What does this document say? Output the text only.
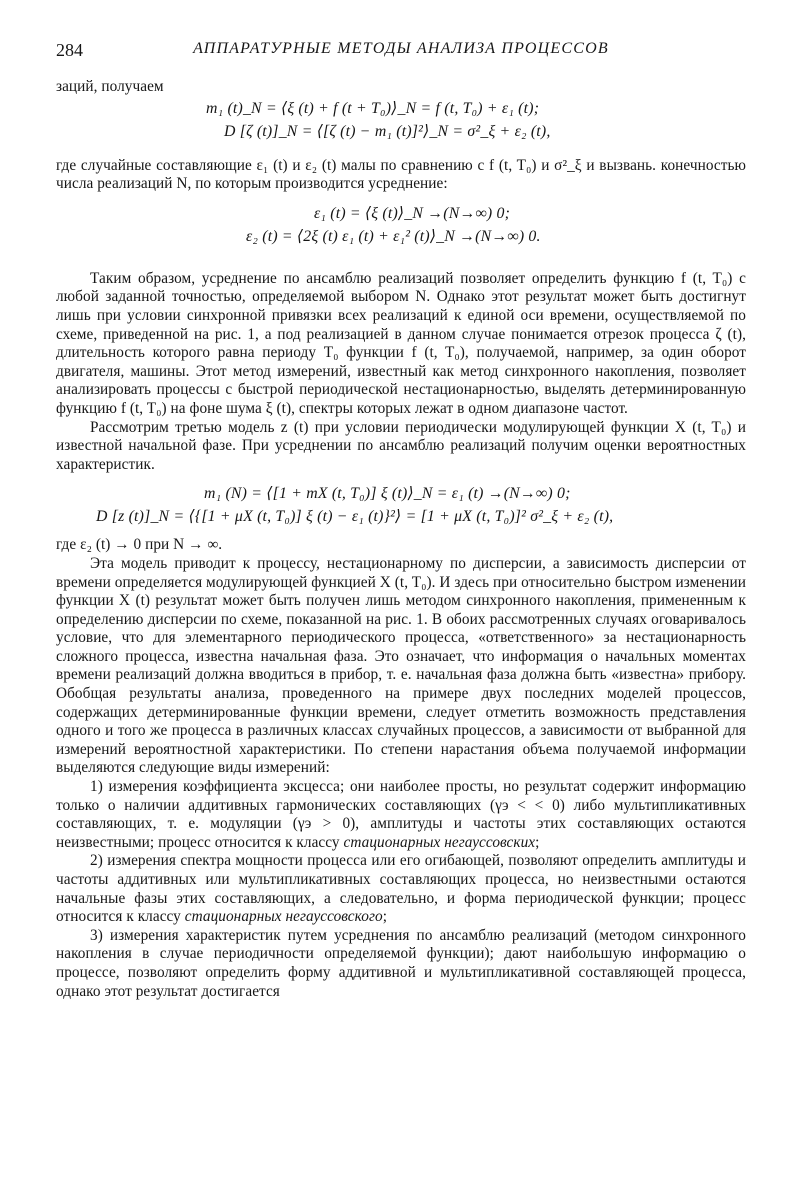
284	АППАРАТУРНЫЕ МЕТОДЫ АНАЛИЗА ПРОЦЕССОВ

заций, получаем

m₁ (t)_N = ⟨ξ (t) + f (t + T₀)⟩_N = f (t, T₀) + ε₁ (t);
D [ζ (t)]_N = ⟨[ζ (t) − m₁ (t)]²⟩_N = σ²_ξ + ε₂ (t),

где случайные составляющие ε₁ (t) и ε₂ (t) малы по сравнению с f (t, T₀) и σ²_ξ и вызвань. конечностью числа реализаций N, по которым производится усреднение:

ε₁ (t) = ⟨ξ (t)⟩_N →(N→∞) 0;
ε₂ (t) = ⟨2ξ (t) ε₁ (t) + ε₁² (t)⟩_N →(N→∞) 0.

Таким образом, усреднение по ансамблю реализаций позволяет определить функцию f (t, T₀) с любой заданной точностью, определяемой выбором N. Однако этот результат может быть достигнут лишь при условии синхронной привязки всех реализаций к единой оси времени, осуществляемой по схеме, приведенной на рис. 1, а под реализацией в данном случае понимается отрезок процесса ζ (t), длительность которого равна периоду T₀ функции f (t, T₀), получаемой, например, за один оборот двигателя, машины. Этот метод измерений, известный как метод синхронного накопления, позволяет анализировать процессы с быстрой периодической нестационарностью, выделять детерминированную функцию f (t, T₀) на фоне шума ξ (t), спектры которых лежат в одном диапазоне частот.

Рассмотрим третью модель z (t) при условии периодически модулирующей функции X (t, T₀) и известной начальной фазе. При усреднении по ансамблю реализаций получим оценки вероятностных характеристик.

m₁ (N) = ⟨[1 + mX (t, T₀)] ξ (t)⟩_N = ε₁ (t) →(N→∞) 0;
D [z (t)]_N = ⟨{[1 + μX (t, T₀)] ξ (t) − ε₁ (t)}²⟩ = [1 + μX (t, T₀)]² σ²_ξ + ε₂ (t),

где ε₂ (t) → 0 при N → ∞.

Эта модель приводит к процессу, нестационарному по дисперсии, а зависимость дисперсии от времени определяется модулирующей функцией X (t, T₀). И здесь при относительно быстром изменении функции X (t) результат может быть получен лишь методом синхронного накопления, примененным к определению дисперсии по схеме, показанной на рис. 1. В обоих рассмотренных случаях оговаривалось условие, что для элементарного периодического процесса, «ответственного» за нестационарность сложного процесса, известна начальная фаза. Это означает, что информация о начальных моментах времени реализаций должна вводиться в прибор, т. е. начальная фаза должна быть «известна» прибору. Обобщая результаты анализа, проведенного на примере двух последних моделей процессов, содержащих детерминированные функции времени, следует отметить возможность представления одного и того же процесса в различных классах случайных процессов, а зависимости от выбранной для измерений вероятностной характеристики. По степени нарастания объема получаемой информации выделяются следующие виды измерений:

1) измерения коэффициента эксцесса; они наиболее просты, но результат содержит информацию только о наличии аддитивных гармонических составляющих (γэ < < 0) либо мультипликативных составляющих, т. е. модуляции (γэ > 0), амплитуды и частоты этих составляющих остаются неизвестными; процесс относится к классу стационарных негауссовских;

2) измерения спектра мощности процесса или его огибающей, позволяют определить амплитуды и частоты аддитивных или мультипликативных составляющих процесса, но неизвестными остаются начальные фазы этих составляющих, а следовательно, и форма периодической функции; процесс относится к классу стационарных негауссовского;

3) измерения характеристик путем усреднения по ансамблю реализаций (методом синхронного накопления в случае периодичности определяемой функции); дают наибольшую информацию о процессе, позволяют определить форму аддитивной и мультипликативной составляющей процесса, однако этот результат достигается
